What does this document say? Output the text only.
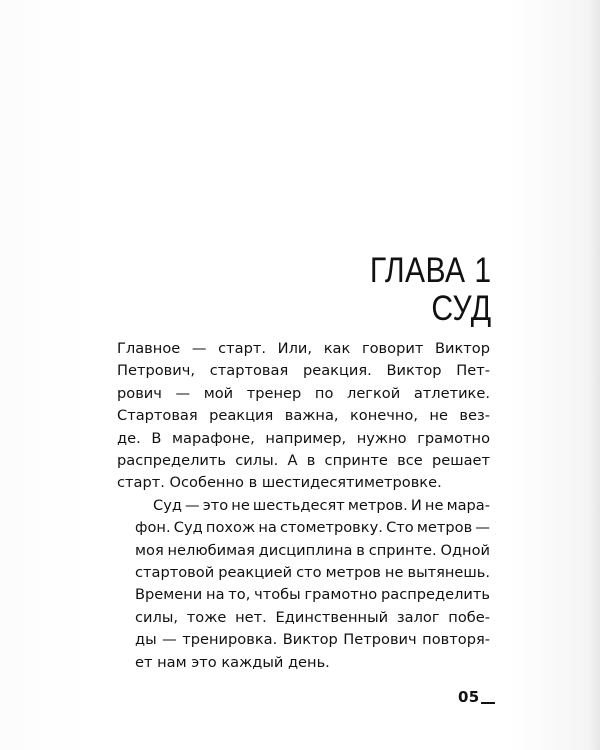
ГЛАВА 1
СУД

Главное — старт. Или, как говорит Виктор
Петрович, стартовая реакция. Виктор Пет-
рович — мой тренер по легкой атлетике.
Стартовая реакция важна, конечно, не вез-
де. В марафоне, например, нужно грамотно
распределить силы. А в спринте все решает
старт. Особенно в шестидесятиметровке.

Суд — это не шестьдесят метров. И не мара-
фон. Суд похож на стометровку. Сто метров —
моя нелюбимая дисциплина в спринте. Одной
стартовой реакцией сто метров не вытянешь.
Времени на то, чтобы грамотно распределить
силы, тоже нет. Единственный залог побе-
ды — тренировка. Виктор Петрович повторя-
ет нам это каждый день.

05
